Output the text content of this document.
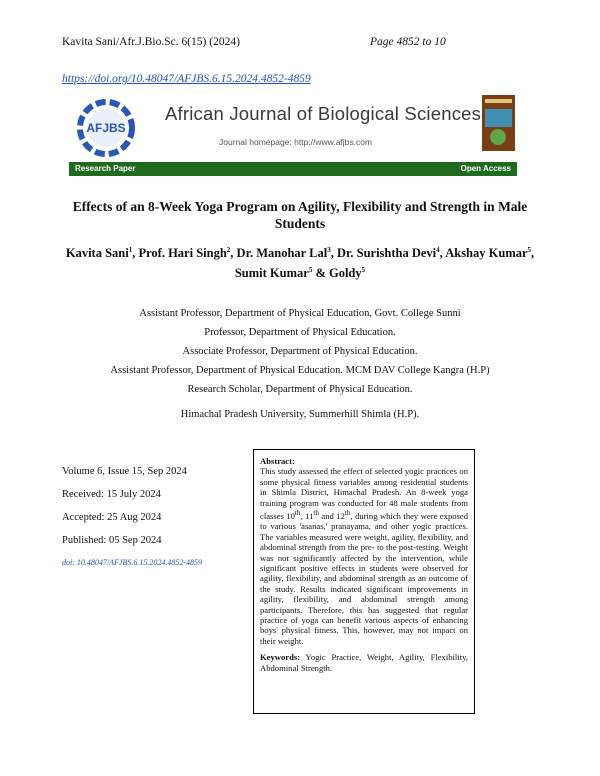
Kavita Sani/Afr.J.Bio.Sc. 6(15) (2024)	Page 4852 to 10
https://doi.org/10.48047/AFJBS.6.15.2024.4852-4859
AFJBS
African Journal of Biological Sciences
Journal homepage: http://www.afjbs.com
Research Paper	Open Access
Effects of an 8-Week Yoga Program on Agility, Flexibility and Strength in Male
Students
Kavita Sani$^1$, Prof. Hari Singh$^2$, Dr. Manohar Lal$^3$, Dr. Surishtha Devi$^4$, Akshay Kumar$^5$,
Sumit Kumar$^5$ & Goldy$^5$
Assistant Professor, Department of Physical Education, Govt. College Sunni
Professor, Department of Physical Education.
Associate Professor, Department of Physical Education.
Assistant Professor, Department of Physical Education. MCM DAV College Kangra (H.P)
Research Scholar, Department of Physical Education.
Himachal Pradesh University, Summerhill Shimla (H.P).
Volume 6, Issue 15, Sep 2024
Received: 15 July 2024
Accepted: 25 Aug 2024
Published: 05 Sep 2024
doi: 10.48047/AFJBS.6.15.2024.4852-4859
Abstract:
This study assessed the effect of selected yogic practices on some physical fitness variables among residential students in Shimla District, Himachal Pradesh. An 8-week yoga training program was conducted for 48 male students from classes 10th, 11th and 12th, during which they were exposed to various 'asanas,' pranayama, and other yogic practices. The variables measured were weight, agility, flexibility, and abdominal strength from the pre- to the post-testing. Weight was not significantly affected by the intervention, while significant positive effects in students were observed for agility, flexibility, and abdominal strength as an outcome of the study. Results indicated significant improvements in agility, flexibility, and abdominal strength among participants. Therefore, this has suggested that regular practice of yoga can benefit various aspects of enhancing boys' physical fitness. This, however, may not impact on their weight.
Keywords: Yogic Practice, Weight, Agility, Flexibility, Abdominal Strength.
